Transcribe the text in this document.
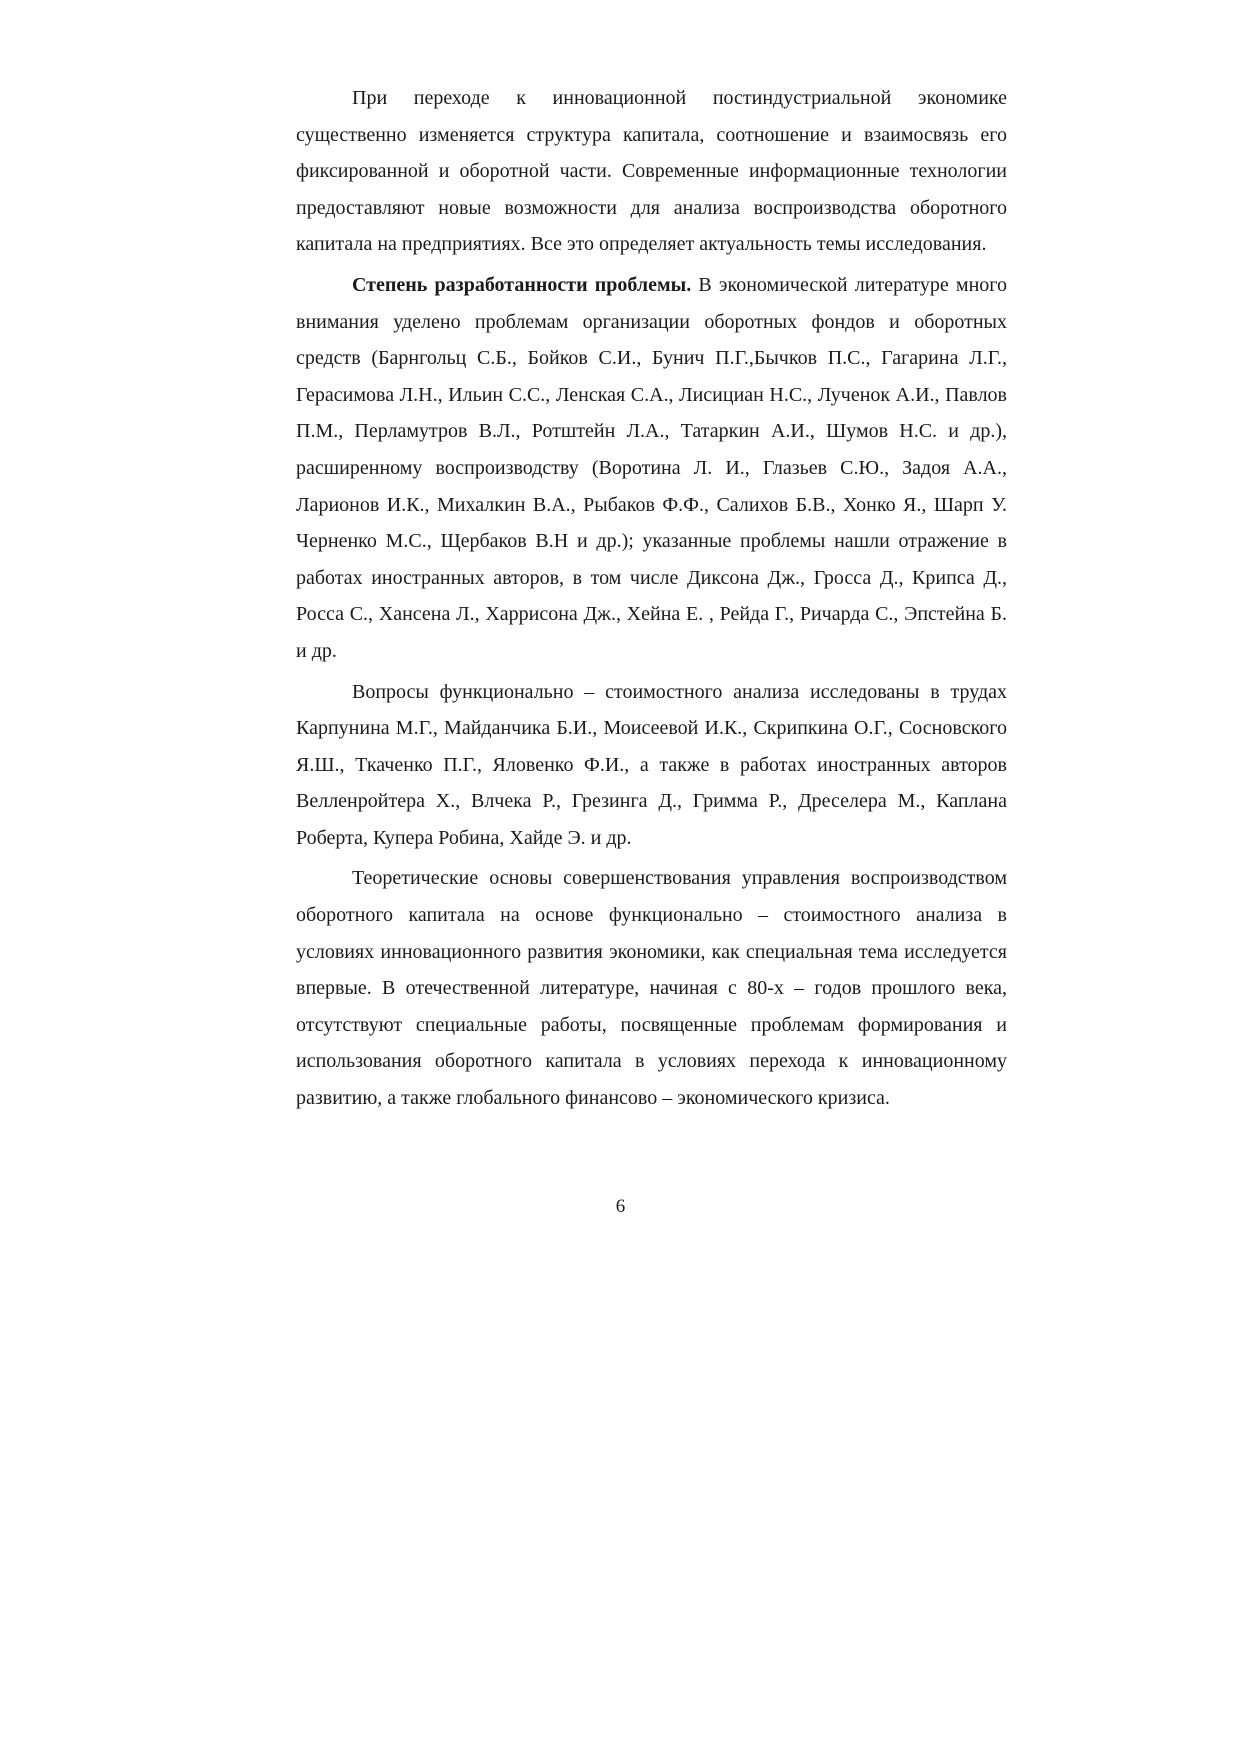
При переходе к инновационной постиндустриальной экономике существенно изменяется структура капитала, соотношение и взаимосвязь его фиксированной и оборотной части. Современные информационные технологии предоставляют новые возможности для анализа воспроизводства оборотного капитала на предприятиях. Все это определяет актуальность темы исследования.

Степень разработанности проблемы. В экономической литературе много внимания уделено проблемам организации оборотных фондов и оборотных средств (Барнгольц С.Б., Бойков С.И., Бунич П.Г.,Бычков П.С., Гагарина Л.Г., Герасимова Л.Н., Ильин С.С., Ленская С.А., Лисициан Н.С., Лученок А.И., Павлов П.М., Перламутров В.Л., Ротштейн Л.А., Татаркин А.И., Шумов Н.С. и др.), расширенному воспроизводству (Воротина Л. И., Глазьев С.Ю., Задоя А.А., Ларионов И.К., Михалкин В.А., Рыбаков Ф.Ф., Салихов Б.В., Хонко Я., Шарп У. Черненко М.С., Щербаков В.Н и др.); указанные проблемы нашли отражение в работах иностранных авторов, в том числе Диксона Дж., Гросса Д., Крипса Д., Росса С., Хансена Л., Харрисона Дж., Хейна Е. , Рейда Г., Ричарда С., Эпстейна Б. и др.

Вопросы функционально – стоимостного анализа исследованы в трудах Карпунина М.Г., Майданчика Б.И., Моисеевой И.К., Скрипкина О.Г., Сосновского Я.Ш., Ткаченко П.Г., Яловенко Ф.И., а также в работах иностранных авторов Велленройтера Х., Влчека Р., Грезинга Д., Гримма Р., Дреселера М., Каплана Роберта, Купера Робина, Хайде Э. и др.

Теоретические основы совершенствования управления воспроизводством оборотного капитала на основе функционально – стоимостного анализа в условиях инновационного развития экономики, как специальная тема исследуется впервые. В отечественной литературе, начиная с 80-х – годов прошлого века, отсутствуют специальные работы, посвященные проблемам формирования и использования оборотного капитала в условиях перехода к инновационному развитию, а также глобального финансово – экономического кризиса.

6
